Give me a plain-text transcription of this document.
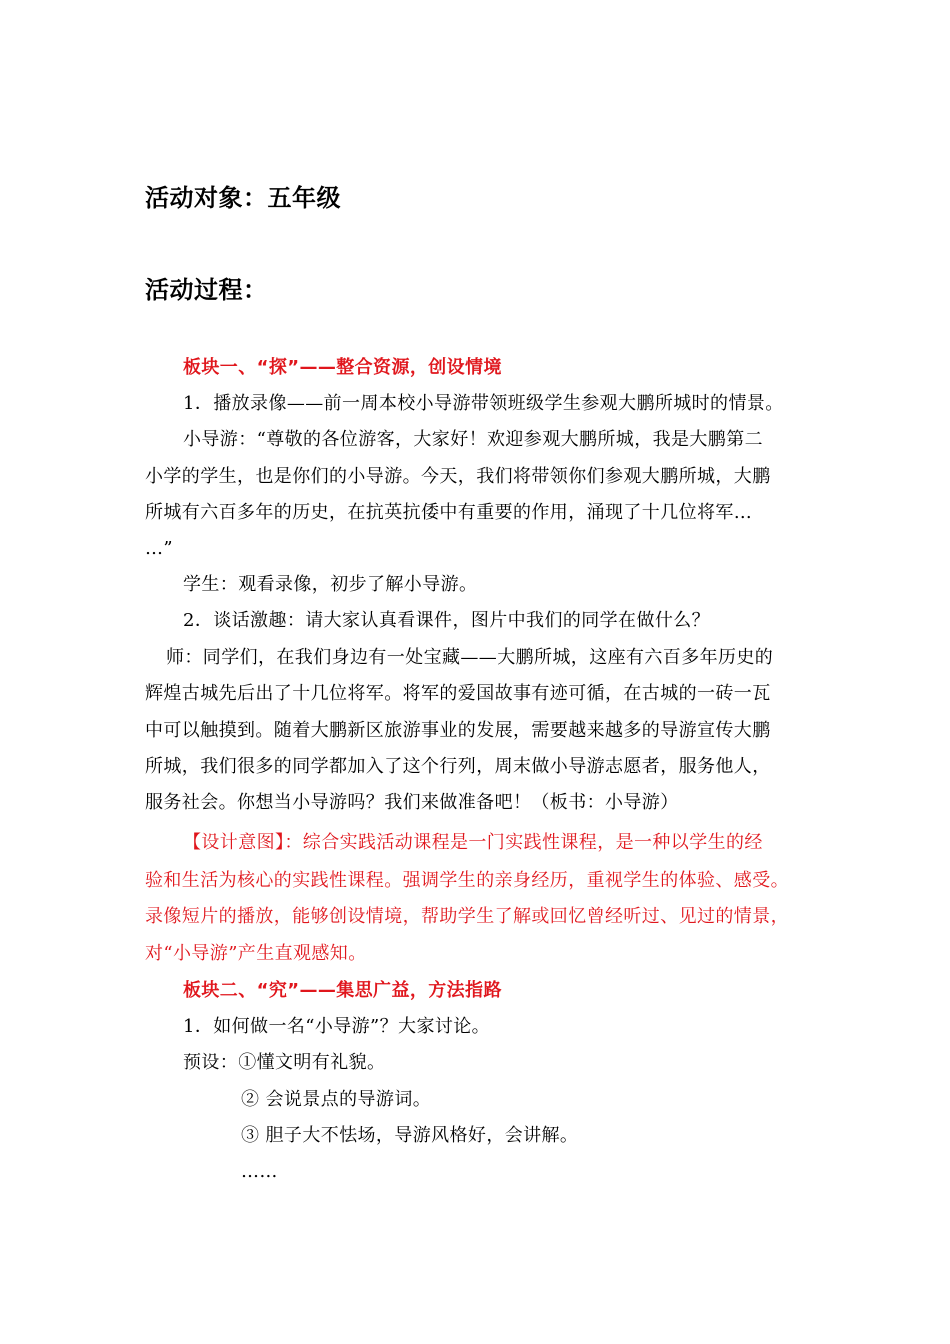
活动对象：五年级
活动过程：
板块一、“探”——整合资源，创设情境
1．播放录像——前一周本校小导游带领班级学生参观大鹏所城时的情景。
小导游：“尊敬的各位游客，大家好！欢迎参观大鹏所城，我是大鹏第二
小学的学生，也是你们的小导游。今天，我们将带领你们参观大鹏所城，大鹏
所城有六百多年的历史，在抗英抗倭中有重要的作用，涌现了十几位将军…
…”
学生：观看录像，初步了解小导游。
2．谈话激趣：请大家认真看课件，图片中我们的同学在做什么？
师：同学们，在我们身边有一处宝藏——大鹏所城，这座有六百多年历史的
辉煌古城先后出了十几位将军。将军的爱国故事有迹可循，在古城的一砖一瓦
中可以触摸到。随着大鹏新区旅游事业的发展，需要越来越多的导游宣传大鹏
所城，我们很多的同学都加入了这个行列，周末做小导游志愿者，服务他人，
服务社会。你想当小导游吗？我们来做准备吧！（板书：小导游）
【设计意图】：综合实践活动课程是一门实践性课程，是一种以学生的经
验和生活为核心的实践性课程。强调学生的亲身经历，重视学生的体验、感受。
录像短片的播放，能够创设情境，帮助学生了解或回忆曾经听过、见过的情景，
对“小导游”产生直观感知。
板块二、“究”——集思广益，方法指路
1．如何做一名“小导游”？大家讨论。
预设：①懂文明有礼貌。
② 会说景点的导游词。
③ 胆子大不怯场，导游风格好，会讲解。
……
